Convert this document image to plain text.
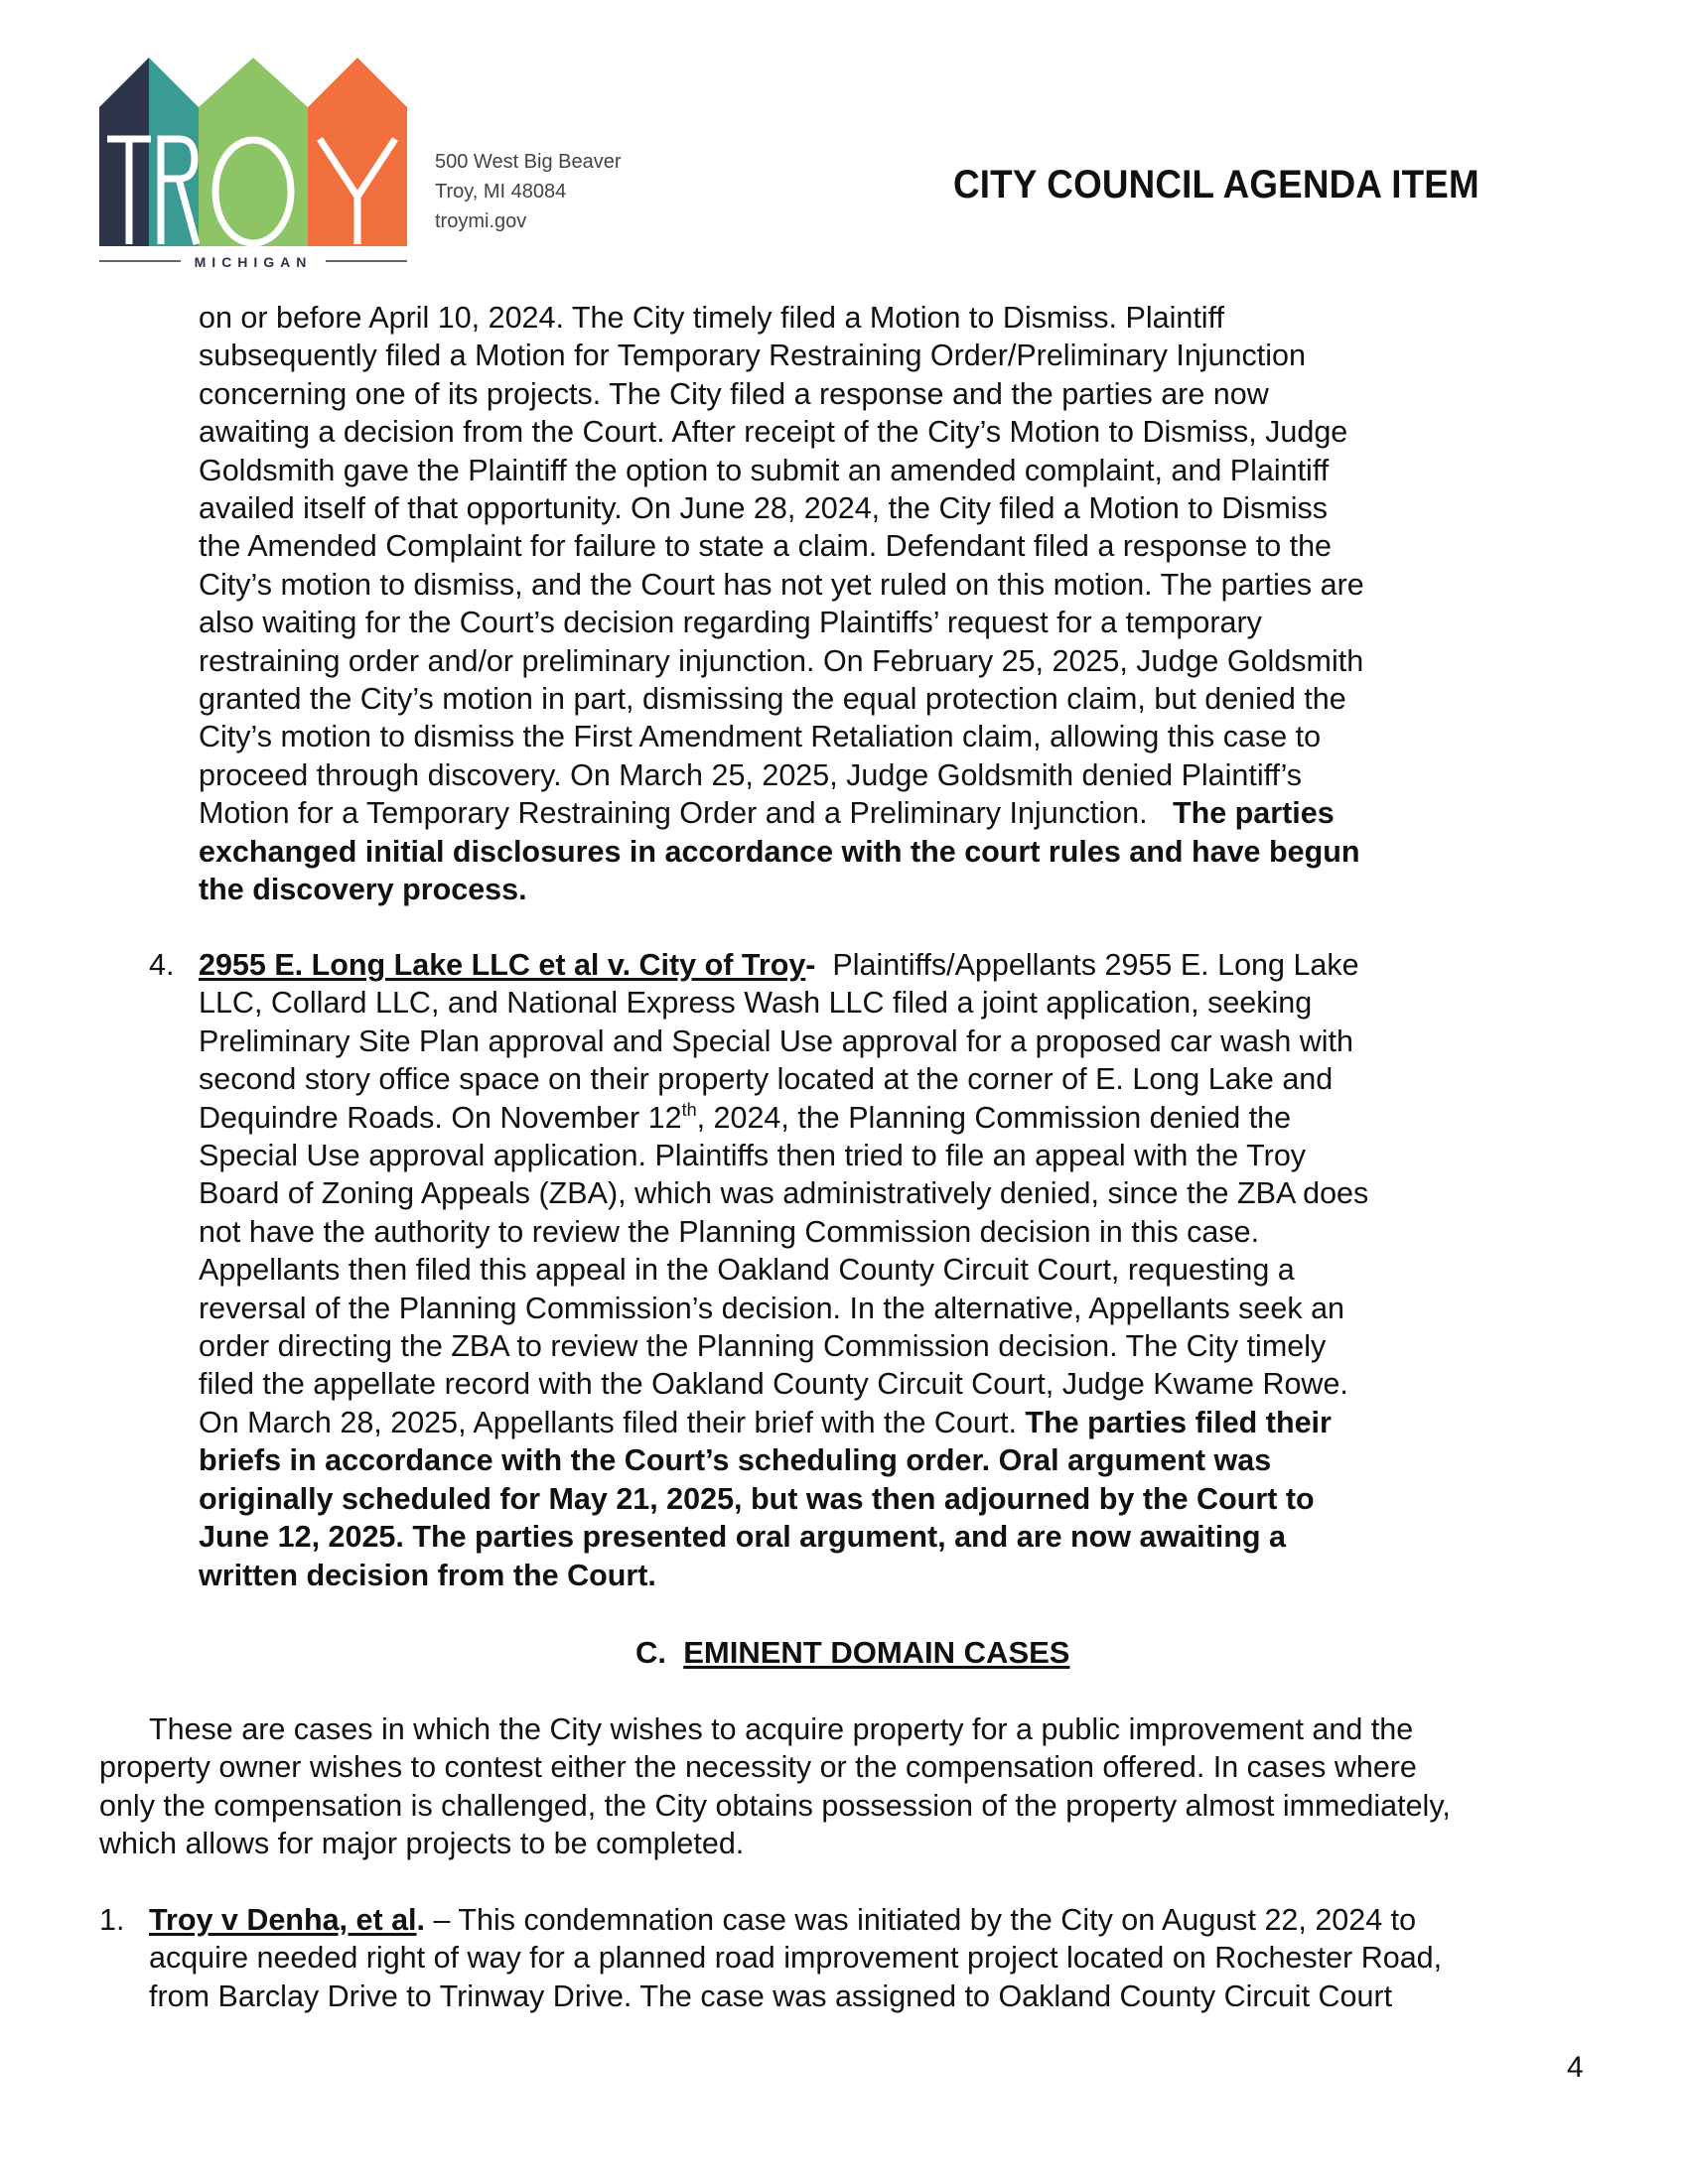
MICHIGAN
500 West Big Beaver
Troy, MI 48084
troymi.gov
CITY COUNCIL AGENDA ITEM
on or before April 10, 2024. The City timely filed a Motion to Dismiss. Plaintiff
subsequently filed a Motion for Temporary Restraining Order/Preliminary Injunction
concerning one of its projects. The City filed a response and the parties are now
awaiting a decision from the Court. After receipt of the City’s Motion to Dismiss, Judge
Goldsmith gave the Plaintiff the option to submit an amended complaint, and Plaintiff
availed itself of that opportunity. On June 28, 2024, the City filed a Motion to Dismiss
the Amended Complaint for failure to state a claim. Defendant filed a response to the
City’s motion to dismiss, and the Court has not yet ruled on this motion. The parties are
also waiting for the Court’s decision regarding Plaintiffs’ request for a temporary
restraining order and/or preliminary injunction. On February 25, 2025, Judge Goldsmith
granted the City’s motion in part, dismissing the equal protection claim, but denied the
City’s motion to dismiss the First Amendment Retaliation claim, allowing this case to
proceed through discovery. On March 25, 2025, Judge Goldsmith denied Plaintiff’s
Motion for a Temporary Restraining Order and a Preliminary Injunction.   The parties
exchanged initial disclosures in accordance with the court rules and have begun
the discovery process.
4. 2955 E. Long Lake LLC et al v. City of Troy-  Plaintiffs/Appellants 2955 E. Long Lake
LLC, Collard LLC, and National Express Wash LLC filed a joint application, seeking
Preliminary Site Plan approval and Special Use approval for a proposed car wash with
second story office space on their property located at the corner of E. Long Lake and
Dequindre Roads. On November 12th, 2024, the Planning Commission denied the
Special Use approval application. Plaintiffs then tried to file an appeal with the Troy
Board of Zoning Appeals (ZBA), which was administratively denied, since the ZBA does
not have the authority to review the Planning Commission decision in this case.
Appellants then filed this appeal in the Oakland County Circuit Court, requesting a
reversal of the Planning Commission’s decision. In the alternative, Appellants seek an
order directing the ZBA to review the Planning Commission decision. The City timely
filed the appellate record with the Oakland County Circuit Court, Judge Kwame Rowe.
On March 28, 2025, Appellants filed their brief with the Court. The parties filed their
briefs in accordance with the Court’s scheduling order. Oral argument was
originally scheduled for May 21, 2025, but was then adjourned by the Court to
June 12, 2025. The parties presented oral argument, and are now awaiting a
written decision from the Court.
C.  EMINENT DOMAIN CASES
These are cases in which the City wishes to acquire property for a public improvement and the
property owner wishes to contest either the necessity or the compensation offered. In cases where
only the compensation is challenged, the City obtains possession of the property almost immediately,
which allows for major projects to be completed.
1. Troy v Denha, et al. – This condemnation case was initiated by the City on August 22, 2024 to
acquire needed right of way for a planned road improvement project located on Rochester Road,
from Barclay Drive to Trinway Drive. The case was assigned to Oakland County Circuit Court
4
